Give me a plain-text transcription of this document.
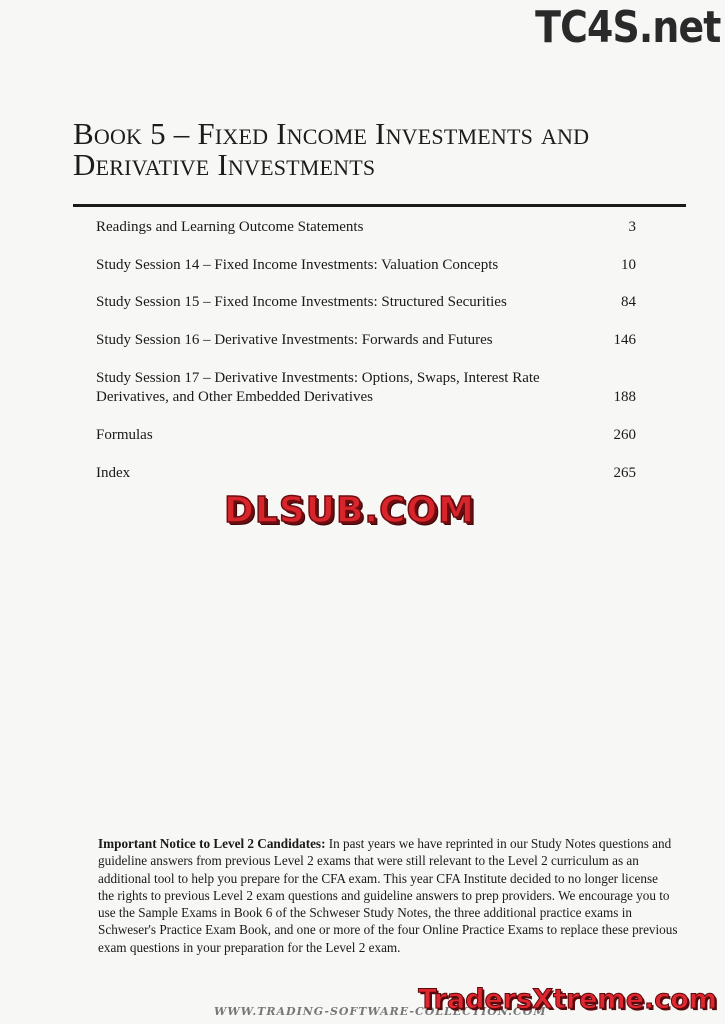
TC4S.net
Book 5 – Fixed Income Investments and
Derivative Investments
Readings and Learning Outcome Statements	3
Study Session 14 – Fixed Income Investments: Valuation Concepts	10
Study Session 15 – Fixed Income Investments: Structured Securities	84
Study Session 16 – Derivative Investments: Forwards and Futures	146
Study Session 17 – Derivative Investments: Options, Swaps, Interest Rate
Derivatives, and Other Embedded Derivatives	188
Formulas	260
Index	265
DLSUB.COM
Important Notice to Level 2 Candidates: In past years we have reprinted in our Study Notes questions and
guideline answers from previous Level 2 exams that were still relevant to the Level 2 curriculum as an
additional tool to help you prepare for the CFA exam. This year CFA Institute decided to no longer license
the rights to previous Level 2 exam questions and guideline answers to prep providers. We encourage you to
use the Sample Exams in Book 6 of the Schweser Study Notes, the three additional practice exams in
Schweser's Practice Exam Book, and one or more of the four Online Practice Exams to replace these previous
exam questions in your preparation for the Level 2 exam.
WWW.TRADING-SOFTWARE-COLLECTION.COM
TradersXtreme.com
